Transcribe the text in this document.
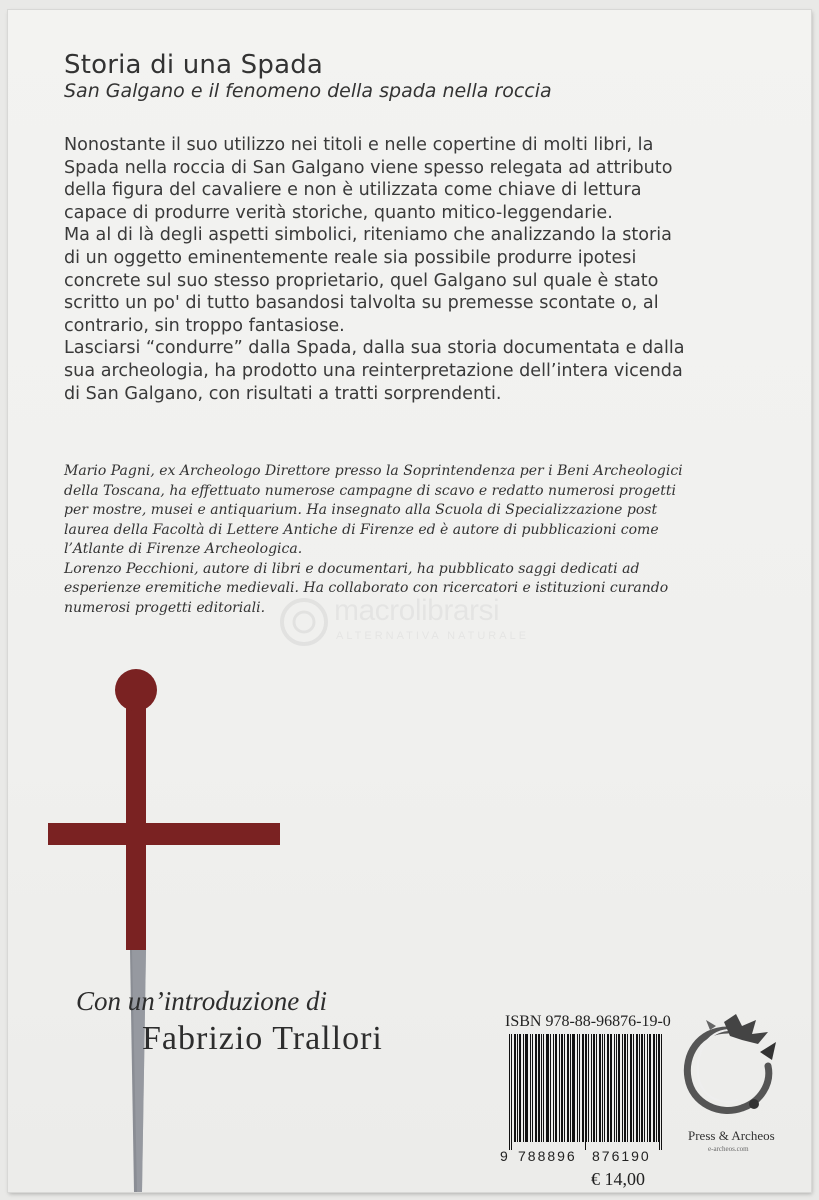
Storia di una Spada

San Galgano e il fenomeno della spada nella roccia

Nonostante il suo utilizzo nei titoli e nelle copertine di molti libri, la
Spada nella roccia di San Galgano viene spesso relegata ad attributo
della figura del cavaliere e non è utilizzata come chiave di lettura
capace di produrre verità storiche, quanto mitico-leggendarie.
Ma al di là degli aspetti simbolici, riteniamo che analizzando la storia
di un oggetto eminentemente reale sia possibile produrre ipotesi
concrete sul suo stesso proprietario, quel Galgano sul quale è stato
scritto un po' di tutto basandosi talvolta su premesse scontate o, al
contrario, sin troppo fantasiose.
Lasciarsi “condurre” dalla Spada, dalla sua storia documentata e dalla
sua archeologia, ha prodotto una reinterpretazione dell’intera vicenda
di San Galgano, con risultati a tratti sorprendenti.
Mario Pagni, ex Archeologo Direttore presso la Soprintendenza per i Beni Archeologici
della Toscana, ha effettuato numerose campagne di scavo e redatto numerosi progetti
per mostre, musei e antiquarium. Ha insegnato alla Scuola di Specializzazione post
laurea della Facoltà di Lettere Antiche di Firenze ed è autore di pubblicazioni come
l’Atlante di Firenze Archeologica.
Lorenzo Pecchioni, autore di libri e documentari, ha pubblicato saggi dedicati ad
esperienze eremitiche medievali. Ha collaborato con ricercatori e istituzioni curando
numerosi progetti editoriali.	macrolibrarsi
ALTERNATIVA NATURALE

Con un’introduzione di

Fabrizio Trallori	ISBN 978-88-96876-19-0

9 788896 876190

€ 14,00

Press & Archeos

e-archeos.com
